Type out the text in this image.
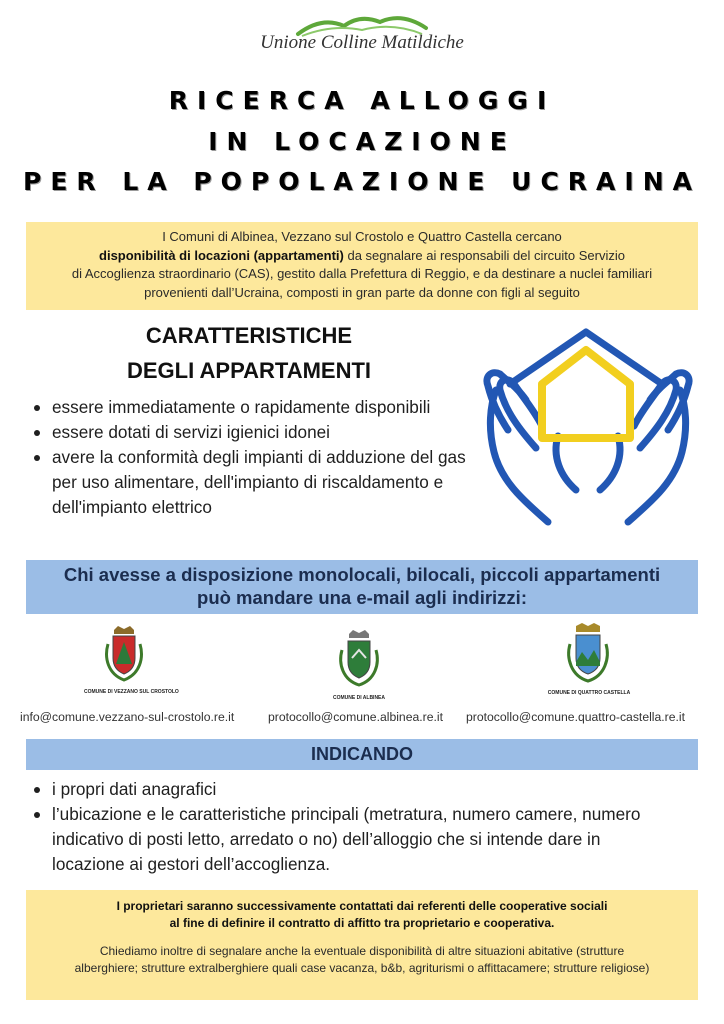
Unione Colline Matildiche
RICERCA ALLOGGI
IN LOCAZIONE
PER LA POPOLAZIONE UCRAINA
I Comuni di Albinea, Vezzano sul Crostolo e Quattro Castella cercano
disponibilità di locazioni (appartamenti) da segnalare ai responsabili del circuito Servizio
di Accoglienza straordinario (CAS), gestito dalla Prefettura di Reggio, e da destinare a nuclei familiari
provenienti dall’Ucraina, composti in gran parte da donne con figli al seguito
CARATTERISTICHE
DEGLI APPARTAMENTI
essere immediatamente o rapidamente disponibili
essere dotati di servizi igienici idonei
avere la conformità degli impianti di adduzione del gas per uso alimentare, dell'impianto di riscaldamento e dell'impianto elettrico
Chi avesse a disposizione monolocali, bilocali, piccoli appartamenti
può mandare una e-mail agli indirizzi:
COMUNE DI VEZZANO SUL CROSTOLO
info@comune.vezzano-sul-crostolo.re.it
COMUNE DI ALBINEA
protocollo@comune.albinea.re.it
COMUNE DI QUATTRO CASTELLA
protocollo@comune.quattro-castella.re.it
INDICANDO
i propri dati anagrafici
l’ubicazione e le caratteristiche principali (metratura, numero camere, numero indicativo di posti letto, arredato o no) dell’alloggio che si intende dare in locazione ai gestori dell’accoglienza.
I proprietari saranno successivamente contattati dai referenti delle cooperative sociali
al fine di definire il contratto di affitto tra proprietario e cooperativa.
Chiediamo inoltre di segnalare anche la eventuale disponibilità di altre situazioni abitative (strutture
alberghiere; strutture extralberghiere quali case vacanza, b&b, agriturismi o affittacamere; strutture religiose)
